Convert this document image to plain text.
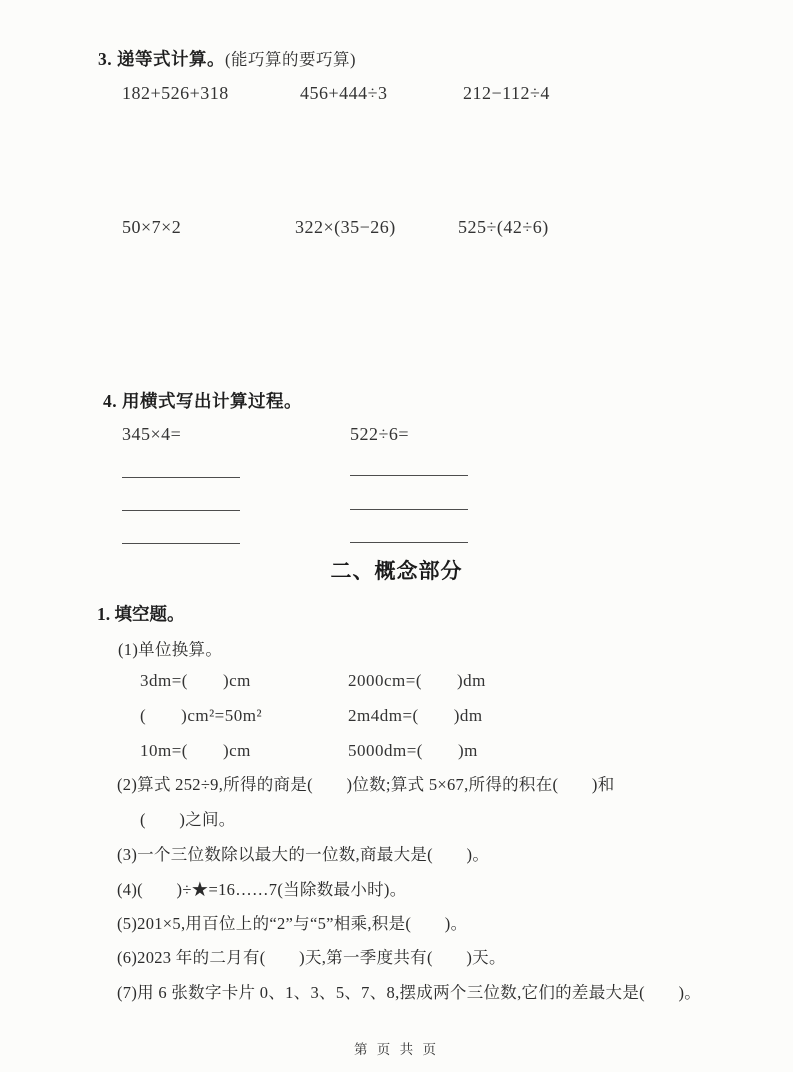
3. 递等式计算。(能巧算的要巧算)
182+526+318	456+444÷3	212−112÷4
50×7×2	322×(35−26)	525÷(42÷6)
4. 用横式写出计算过程。
345×4=	522÷6=
二、概念部分
1. 填空题。
(1)单位换算。
3dm=(　　)cm	2000cm=(　　)dm
(　　)cm²=50m²	2m4dm=(　　)dm
10m=(　　)cm	5000dm=(　　)m
(2)算式 252÷9,所得的商是(　　)位数;算式 5×67,所得的积在(　　)和
(　　)之间。
(3)一个三位数除以最大的一位数,商最大是(　　)。
(4)(　　)÷★=16……7(当除数最小时)。
(5)201×5,用百位上的“2”与“5”相乘,积是(　　)。
(6)2023 年的二月有(　　)天,第一季度共有(　　)天。
(7)用 6 张数字卡片 0、1、3、5、7、8,摆成两个三位数,它们的差最大是(　　)。
第 页 共 页
